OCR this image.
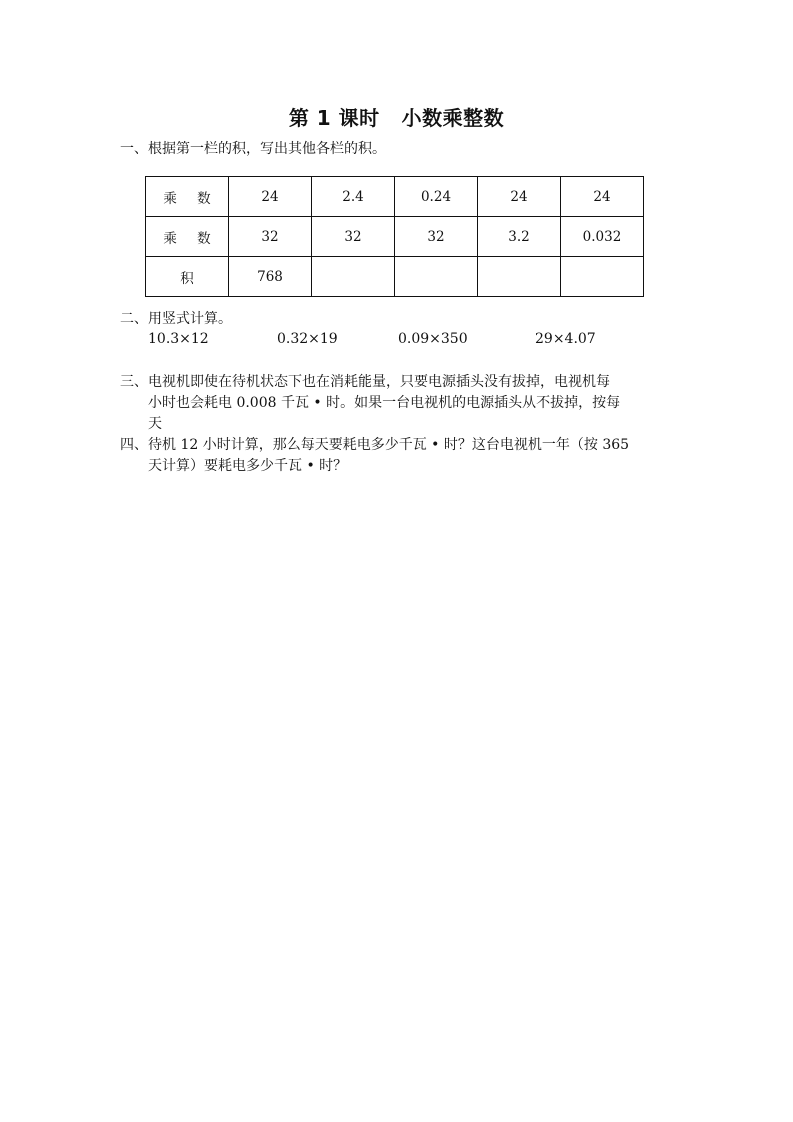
第 1 课时 小数乘整数
一、根据第一栏的积，写出其他各栏的积。
乘 数	24	2.4	0.24	24	24
乘 数	32	32	32	3.2	0.032
积	768				
二、用竖式计算。
10.3×12	0.32×19	0.09×350	29×4.07
三、电视机即使在待机状态下也在消耗能量，只要电源插头没有拔掉，电视机每
小时也会耗电 0.008 千瓦 • 时。如果一台电视机的电源插头从不拔掉，按每
天
四、待机 12 小时计算，那么每天要耗电多少千瓦 • 时？这台电视机一年（按 365
天计算）要耗电多少千瓦 • 时？
